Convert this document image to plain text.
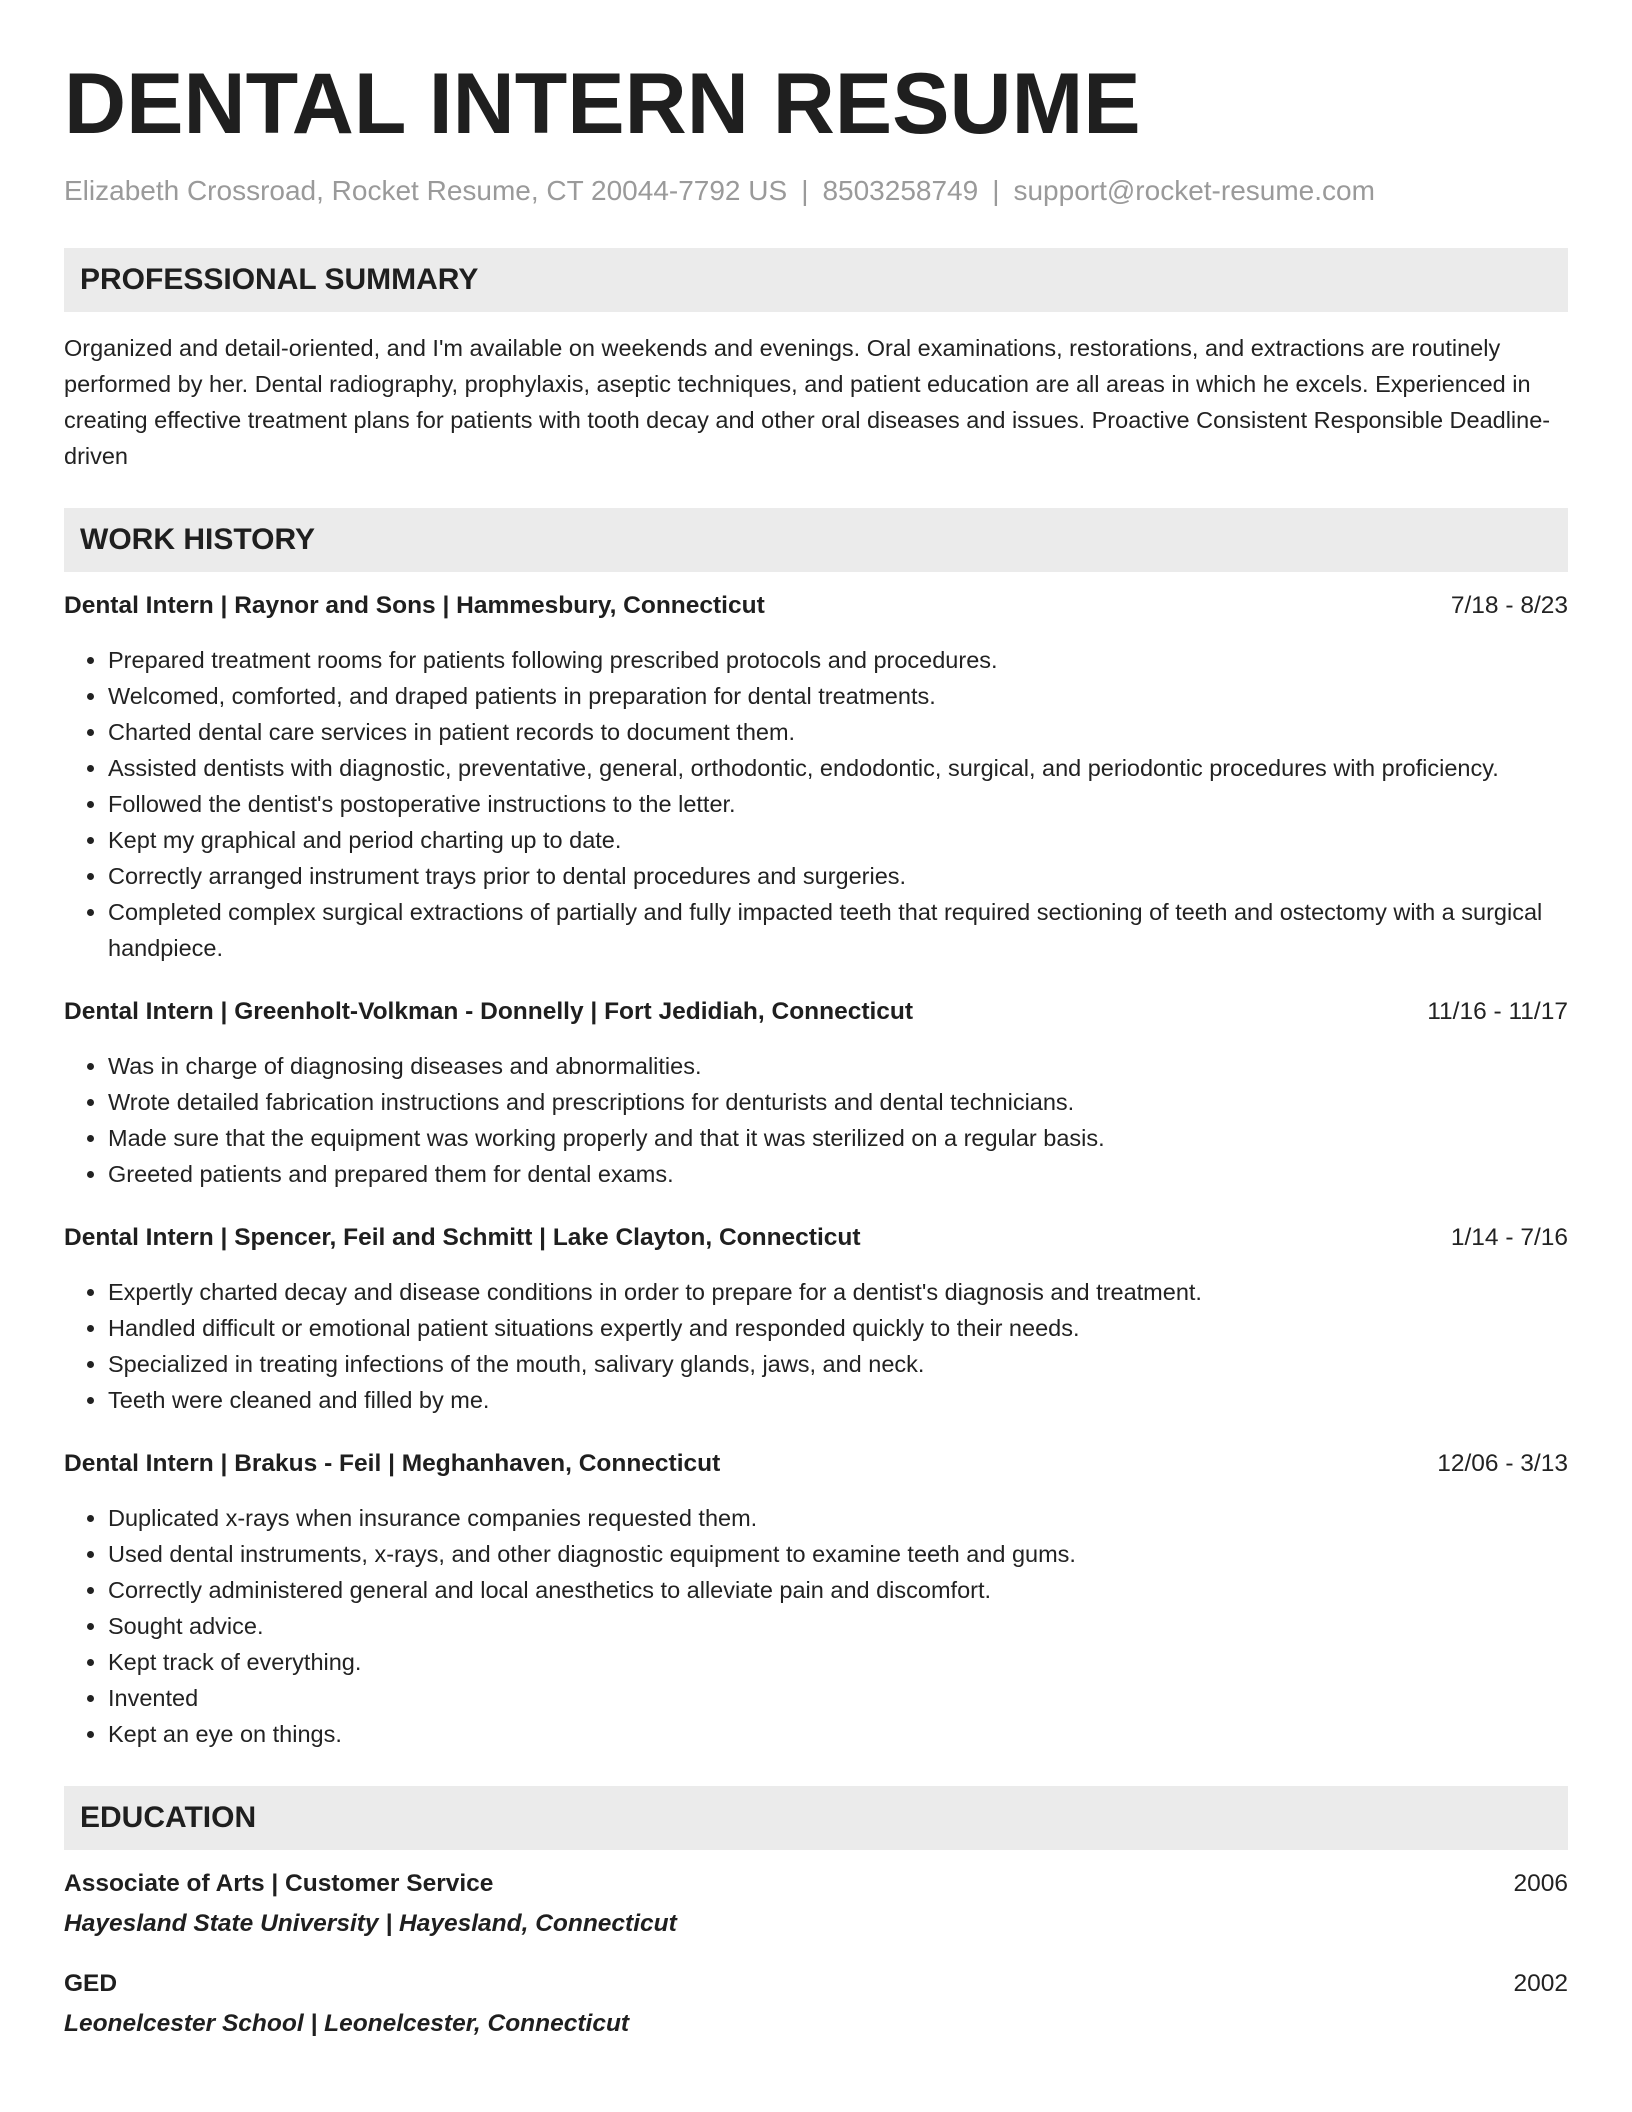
DENTAL INTERN RESUME
Elizabeth Crossroad, Rocket Resume, CT 20044-7792 US | 8503258749 | support@rocket-resume.com
PROFESSIONAL SUMMARY
Organized and detail-oriented, and I'm available on weekends and evenings. Oral examinations, restorations, and extractions are routinely performed by her. Dental radiography, prophylaxis, aseptic techniques, and patient education are all areas in which he excels. Experienced in creating effective treatment plans for patients with tooth decay and other oral diseases and issues. Proactive Consistent Responsible Deadline-driven
WORK HISTORY
Dental Intern | Raynor and Sons | Hammesbury, Connecticut	7/18 - 8/23
• Prepared treatment rooms for patients following prescribed protocols and procedures.
• Welcomed, comforted, and draped patients in preparation for dental treatments.
• Charted dental care services in patient records to document them.
• Assisted dentists with diagnostic, preventative, general, orthodontic, endodontic, surgical, and periodontic procedures with proficiency.
• Followed the dentist's postoperative instructions to the letter.
• Kept my graphical and period charting up to date.
• Correctly arranged instrument trays prior to dental procedures and surgeries.
• Completed complex surgical extractions of partially and fully impacted teeth that required sectioning of teeth and ostectomy with a surgical handpiece.
Dental Intern | Greenholt-Volkman - Donnelly | Fort Jedidiah, Connecticut	11/16 - 11/17
• Was in charge of diagnosing diseases and abnormalities.
• Wrote detailed fabrication instructions and prescriptions for denturists and dental technicians.
• Made sure that the equipment was working properly and that it was sterilized on a regular basis.
• Greeted patients and prepared them for dental exams.
Dental Intern | Spencer, Feil and Schmitt | Lake Clayton, Connecticut	1/14 - 7/16
• Expertly charted decay and disease conditions in order to prepare for a dentist's diagnosis and treatment.
• Handled difficult or emotional patient situations expertly and responded quickly to their needs.
• Specialized in treating infections of the mouth, salivary glands, jaws, and neck.
• Teeth were cleaned and filled by me.
Dental Intern | Brakus - Feil | Meghanhaven, Connecticut	12/06 - 3/13
• Duplicated x-rays when insurance companies requested them.
• Used dental instruments, x-rays, and other diagnostic equipment to examine teeth and gums.
• Correctly administered general and local anesthetics to alleviate pain and discomfort.
• Sought advice.
• Kept track of everything.
• Invented
• Kept an eye on things.
EDUCATION
Associate of Arts | Customer Service	2006
Hayesland State University | Hayesland, Connecticut
GED	2002
Leonelcester School | Leonelcester, Connecticut
